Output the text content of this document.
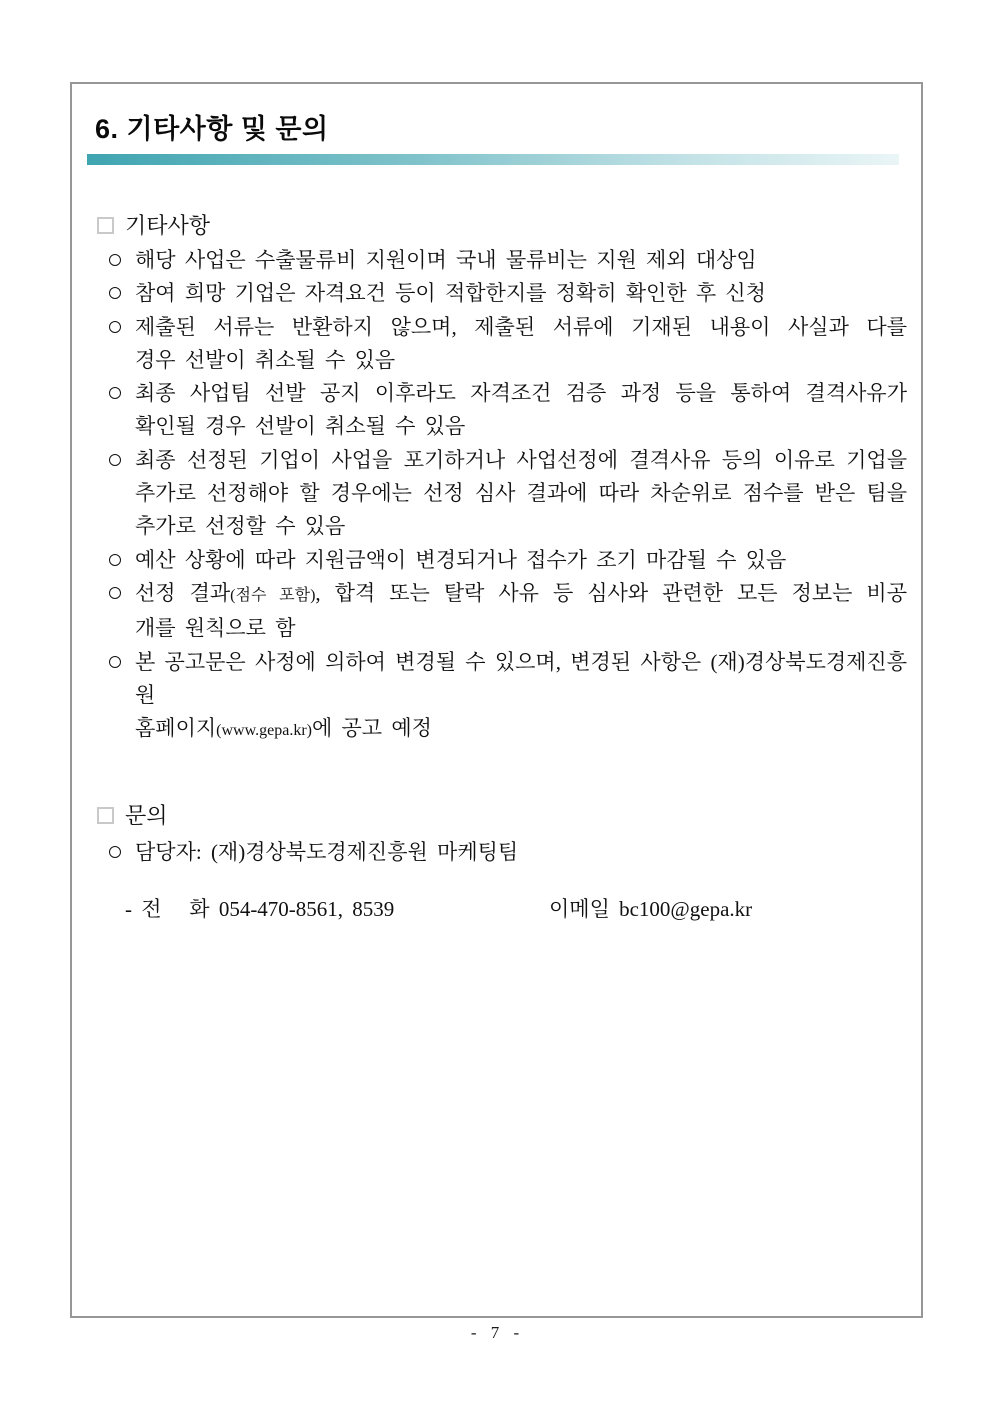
6. 기타사항 및 문의
기타사항
해당 사업은 수출물류비 지원이며 국내 물류비는 지원 제외 대상임
참여 희망 기업은 자격요건 등이 적합한지를 정확히 확인한 후 신청
제출된 서류는 반환하지 않으며, 제출된 서류에 기재된 내용이 사실과 다를
경우 선발이 취소될 수 있음
최종 사업팀 선발 공지 이후라도 자격조건 검증 과정 등을 통하여 결격사유가
확인될 경우 선발이 취소될 수 있음
최종 선정된 기업이 사업을 포기하거나 사업선정에 결격사유 등의 이유로 기업을
추가로 선정해야 할 경우에는 선정 심사 결과에 따라 차순위로 점수를 받은 팀을
추가로 선정할 수 있음
예산 상황에 따라 지원금액이 변경되거나 접수가 조기 마감될 수 있음
선정 결과(점수 포함), 합격 또는 탈락 사유 등 심사와 관련한 모든 정보는 비공
개를 원칙으로 함
본 공고문은 사정에 의하여 변경될 수 있으며, 변경된 사항은 (재)경상북도경제진흥원
홈페이지(www.gepa.kr)에 공고 예정
문의
담당자: (재)경상북도경제진흥원 마케팅팀
- 전   화 054-470-8561, 8539	이메일 bc100@gepa.kr
- 7 -
